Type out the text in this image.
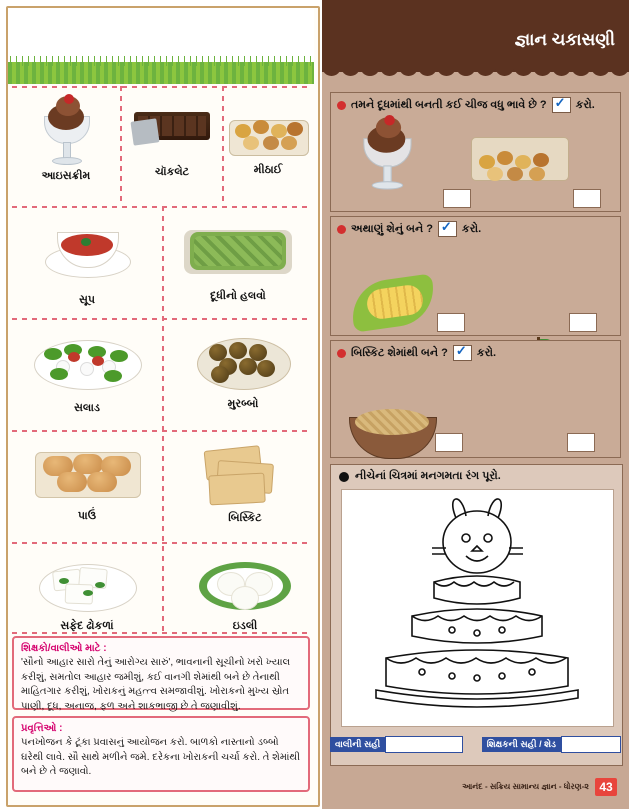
આઇસક્રીમ	ચૉકલેટ	મીઠાઈ
સૂપ	દૂધીનો હલવો
સલાડ	મુરબ્બો
પાઉં	બિસ્કિટ
સફેદ ઢોકળાં	ઇડલી
શિક્ષકો/વાલીઓ માટે :
'સૌનો આહાર સારો તેનું આરોગ્ય સારું', ભાવનાની સૂચીનો ખરો ખ્યાલ કરીશું, સમતોલ આહાર જમીશું, કઈ વાનગી શેમાંથી બને છે તેનાથી માહિતગાર કરીશું, ખોરાકનું મહત્ત્વ સમજાવીશું. ખોરાકનો મુખ્ય સ્રોત પાણી, દૂધ, અનાજ, ફળ અને શાકભાજી છે તે જણાવીશું.
પ્રવૃત્તિઓ :
પનખોજન કે ટૂંકા પ્રવાસનું આયોજન કરો. બાળકો નાસ્તાનો ડબ્બો ઘરેથી લાવે. સૌ સાથે મળીને જમે. દરેકના ખોરાકની ચર્ચા કરો. તે શેમાંથી બને છે તે જણાવો.
જ્ઞાન ચકાસણી
તમને દૂધમાંથી બનતી કઈ ચીજ વધુ ભાવે છે ? ✓	કરો.
અથાણું શેનું બને ? ✓	કરો.
બિસ્કિટ શેમાંથી બને ? ✓	કરો.
નીચેનાં ચિત્રમાં મનગમતા રંગ પૂરો.
વાલીની સહી	શિક્ષકની સહી / શેડ
આનંદ - સક્રિય સામાન્ય જ્ઞાન - ધોરણ-૨ 43
